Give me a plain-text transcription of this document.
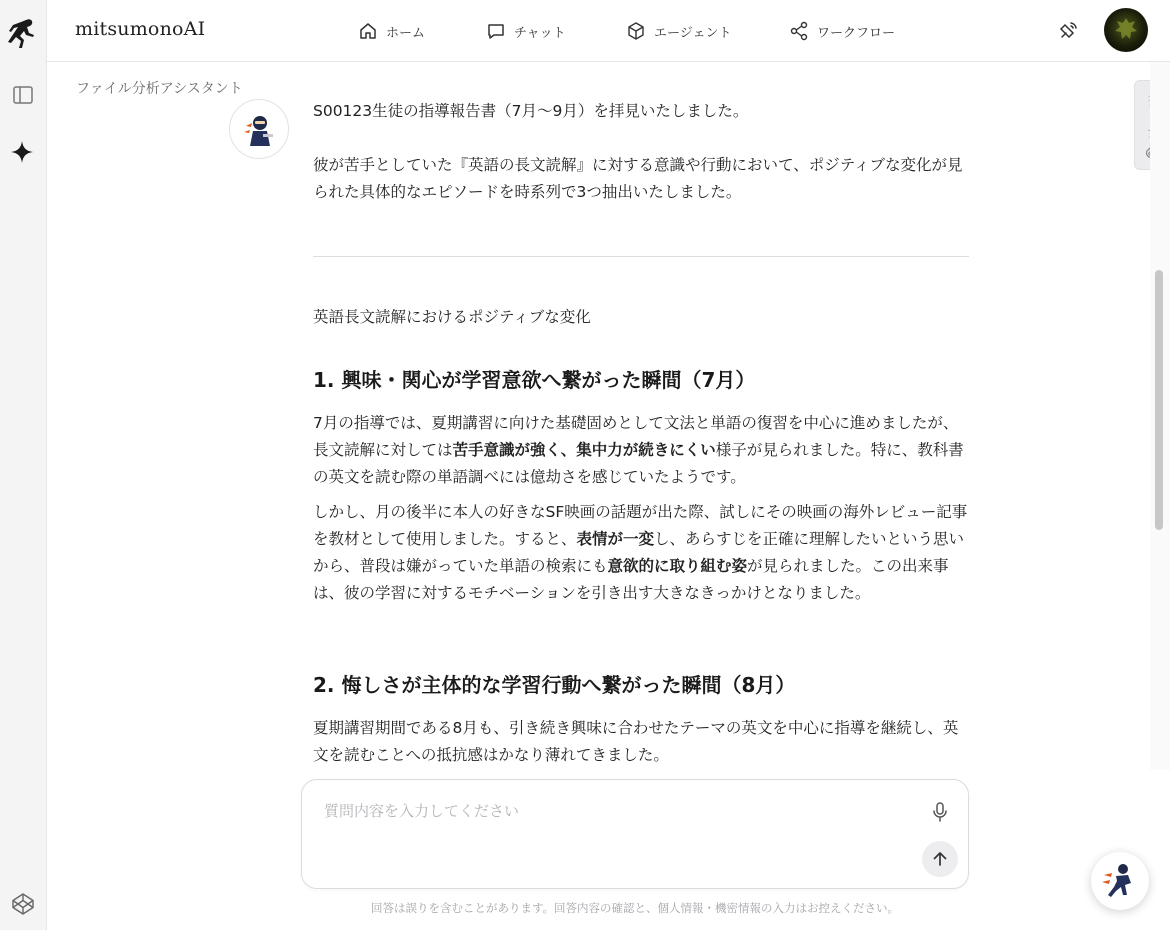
mitsumonoAI	ホーム	チャット	エージェント	ワークフロー
ファイル分析アシスタント

S00123生徒の指導報告書（7月〜9月）を拝見いたしました。

彼が苦手としていた『英語の長文読解』に対する意識や行動において、ポジティブな変化が見られた具体的なエピソードを時系列で3つ抽出いたしました。

英語長文読解におけるポジティブな変化

1. 興味・関心が学習意欲へ繋がった瞬間（7月）

7月の指導では、夏期講習に向けた基礎固めとして文法と単語の復習を中心に進めましたが、長文読解に対しては苦手意識が強く、集中力が続きにくい様子が見られました。特に、教科書の英文を読む際の単語調べには億劫さを感じていたようです。

しかし、月の後半に本人の好きなSF映画の話題が出た際、試しにその映画の海外レビュー記事を教材として使用しました。すると、表情が一変し、あらすじを正確に理解したいという思いから、普段は嫌がっていた単語の検索にも意欲的に取り組む姿が見られました。この出来事は、彼の学習に対するモチベーションを引き出す大きなきっかけとなりました。

2. 悔しさが主体的な学習行動へ繋がった瞬間（8月）

夏期講習期間である8月も、引き続き興味に合わせたテーマの英文を中心に指導を継続し、英文を読むことへの抵抗感はかなり薄れてきました。

質問内容を入力してください
回答は誤りを含むことがあります。回答内容の確認と、個人情報・機密情報の入力はお控えください。
